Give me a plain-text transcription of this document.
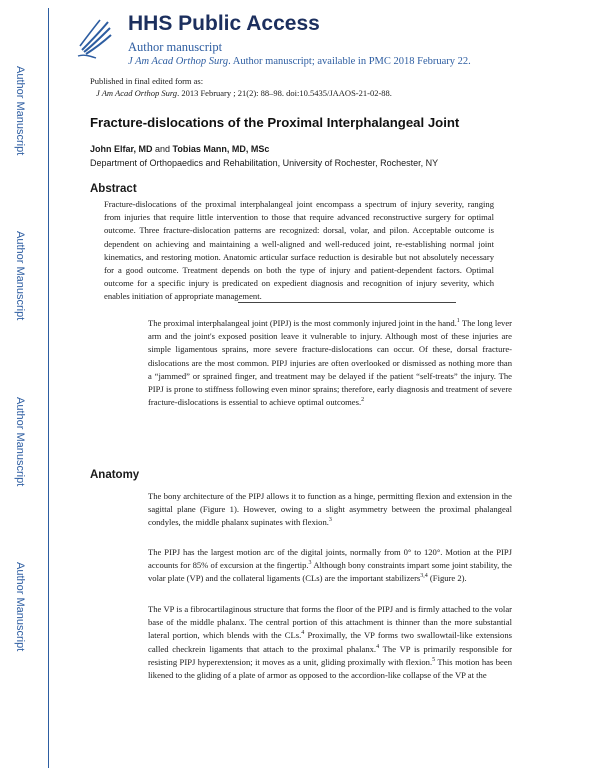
Author Manuscript
Author Manuscript
Author Manuscript
Author Manuscript
HHS Public Access
Author manuscript
J Am Acad Orthop Surg. Author manuscript; available in PMC 2018 February 22.
Published in final edited form as:
J Am Acad Orthop Surg. 2013 February ; 21(2): 88–98. doi:10.5435/JAAOS-21-02-88.
Fracture-dislocations of the Proximal Interphalangeal Joint
John Elfar, MD and Tobias Mann, MD, MSc
Department of Orthopaedics and Rehabilitation, University of Rochester, Rochester, NY
Abstract

Fracture-dislocations of the proximal interphalangeal joint encompass a spectrum of injury severity, ranging from injuries that require little intervention to those that require advanced reconstructive surgery for optimal outcome. Three fracture-dislocation patterns are recognized: dorsal, volar, and pilon. Acceptable outcome is dependent on achieving and maintaining a well-aligned and well-reduced joint, re-establishing normal joint kinematics, and restoring motion. Anatomic articular surface reduction is desirable but not absolutely necessary for a good outcome. Treatment depends on both the type of injury and patient-dependent factors. Optimal outcome for a specific injury is predicated on expedient diagnosis and recognition of injury severity, which enables initiation of appropriate management.

The proximal interphalangeal joint (PIPJ) is the most commonly injured joint in the hand.$^1$ The long lever arm and the joint's exposed position leave it vulnerable to injury. Although most of these injuries are simple ligamentous sprains, more severe fracture-dislocations can occur. Of these, dorsal fracture-dislocations are the most common. PIPJ injuries are often overlooked or dismissed as nothing more than a “jammed” or sprained finger, and treatment may be delayed if the patient “self-treats” the injury. The PIPJ is prone to stiffness following even minor sprains; therefore, early diagnosis and treatment of severe fracture-dislocations is essential to achieve optimal outcomes.$^2$

Anatomy

The bony architecture of the PIPJ allows it to function as a hinge, permitting flexion and extension in the sagittal plane (Figure 1). However, owing to a slight asymmetry between the proximal phalangeal condyles, the middle phalanx supinates with flexion.$^3$

The PIPJ has the largest motion arc of the digital joints, normally from 0° to 120°. Motion at the PIPJ accounts for 85% of excursion at the fingertip.$^3$ Although bony constraints impart some joint stability, the volar plate (VP) and the collateral ligaments (CLs) are the important stabilizers$^{3,4}$ (Figure 2).

The VP is a fibrocartilaginous structure that forms the floor of the PIPJ and is firmly attached to the volar base of the middle phalanx. The central portion of this attachment is thinner than the more substantial lateral portion, which blends with the CLs.$^4$ Proximally, the VP forms two swallowtail-like extensions called checkrein ligaments that attach to the proximal phalanx.$^4$ The VP is primarily responsible for resisting PIPJ hyperextension; it moves as a unit, gliding proximally with flexion.$^5$ This motion has been likened to the gliding of a plate of armor as opposed to the accordion-like collapse of the VP at the
